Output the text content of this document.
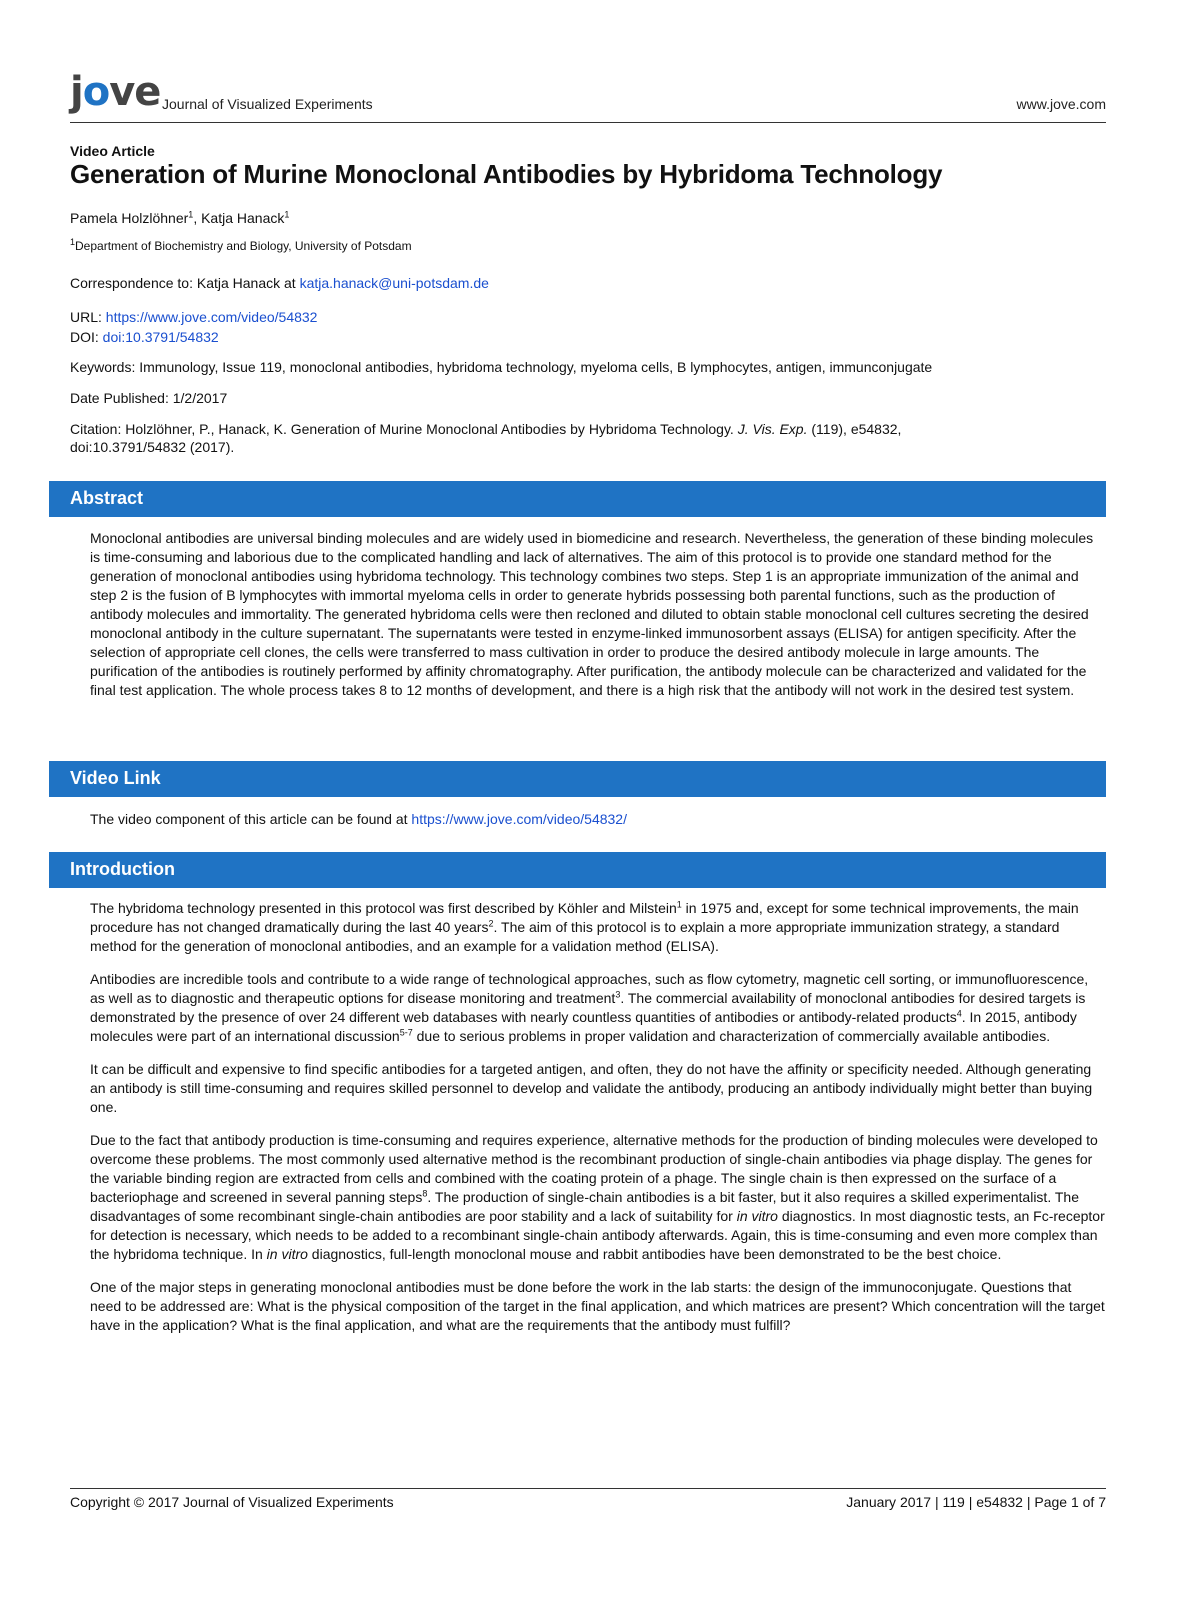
jove Journal of Visualized Experiments	www.jove.com
Video Article
Generation of Murine Monoclonal Antibodies by Hybridoma Technology
Pamela Holzlöhner$^1$, Katja Hanack$^1$
$^1$Department of Biochemistry and Biology, University of Potsdam
Correspondence to: Katja Hanack at katja.hanack@uni-potsdam.de
URL: https://www.jove.com/video/54832
DOI: doi:10.3791/54832
Keywords: Immunology, Issue 119, monoclonal antibodies, hybridoma technology, myeloma cells, B lymphocytes, antigen, immunconjugate
Date Published: 1/2/2017
Citation: Holzlöhner, P., Hanack, K. Generation of Murine Monoclonal Antibodies by Hybridoma Technology. J. Vis. Exp. (119), e54832,
doi:10.3791/54832 (2017).
Abstract

Monoclonal antibodies are universal binding molecules and are widely used in biomedicine and research. Nevertheless, the generation of these binding molecules is time-consuming and laborious due to the complicated handling and lack of alternatives. The aim of this protocol is to provide one standard method for the generation of monoclonal antibodies using hybridoma technology. This technology combines two steps. Step 1 is an appropriate immunization of the animal and step 2 is the fusion of B lymphocytes with immortal myeloma cells in order to generate hybrids possessing both parental functions, such as the production of antibody molecules and immortality. The generated hybridoma cells were then recloned and diluted to obtain stable monoclonal cell cultures secreting the desired monoclonal antibody in the culture supernatant. The supernatants were tested in enzyme-linked immunosorbent assays (ELISA) for antigen specificity. After the selection of appropriate cell clones, the cells were transferred to mass cultivation in order to produce the desired antibody molecule in large amounts. The purification of the antibodies is routinely performed by affinity chromatography. After purification, the antibody molecule can be characterized and validated for the final test application. The whole process takes 8 to 12 months of development, and there is a high risk that the antibody will not work in the desired test system.

Video Link

The video component of this article can be found at https://www.jove.com/video/54832/

Introduction

The hybridoma technology presented in this protocol was first described by Köhler and Milstein$^1$ in 1975 and, except for some technical improvements, the main procedure has not changed dramatically during the last 40 years$^2$. The aim of this protocol is to explain a more appropriate immunization strategy, a standard method for the generation of monoclonal antibodies, and an example for a validation method (ELISA).

Antibodies are incredible tools and contribute to a wide range of technological approaches, such as flow cytometry, magnetic cell sorting, or immunofluorescence, as well as to diagnostic and therapeutic options for disease monitoring and treatment$^3$. The commercial availability of monoclonal antibodies for desired targets is demonstrated by the presence of over 24 different web databases with nearly countless quantities of antibodies or antibody-related products$^4$. In 2015, antibody molecules were part of an international discussion$^{5-7}$ due to serious problems in proper validation and characterization of commercially available antibodies.

It can be difficult and expensive to find specific antibodies for a targeted antigen, and often, they do not have the affinity or specificity needed. Although generating an antibody is still time-consuming and requires skilled personnel to develop and validate the antibody, producing an antibody individually might better than buying one.

Due to the fact that antibody production is time-consuming and requires experience, alternative methods for the production of binding molecules were developed to overcome these problems. The most commonly used alternative method is the recombinant production of single-chain antibodies via phage display. The genes for the variable binding region are extracted from cells and combined with the coating protein of a phage. The single chain is then expressed on the surface of a bacteriophage and screened in several panning steps$^8$. The production of single-chain antibodies is a bit faster, but it also requires a skilled experimentalist. The disadvantages of some recombinant single-chain antibodies are poor stability and a lack of suitability for in vitro diagnostics. In most diagnostic tests, an Fc-receptor for detection is necessary, which needs to be added to a recombinant single-chain antibody afterwards. Again, this is time-consuming and even more complex than the hybridoma technique. In in vitro diagnostics, full-length monoclonal mouse and rabbit antibodies have been demonstrated to be the best choice.

One of the major steps in generating monoclonal antibodies must be done before the work in the lab starts: the design of the immunoconjugate. Questions that need to be addressed are: What is the physical composition of the target in the final application, and which matrices are present? Which concentration will the target have in the application? What is the final application, and what are the requirements that the antibody must fulfill?

Copyright © 2017 Journal of Visualized Experiments	January 2017 | 119 | e54832 | Page 1 of 7
